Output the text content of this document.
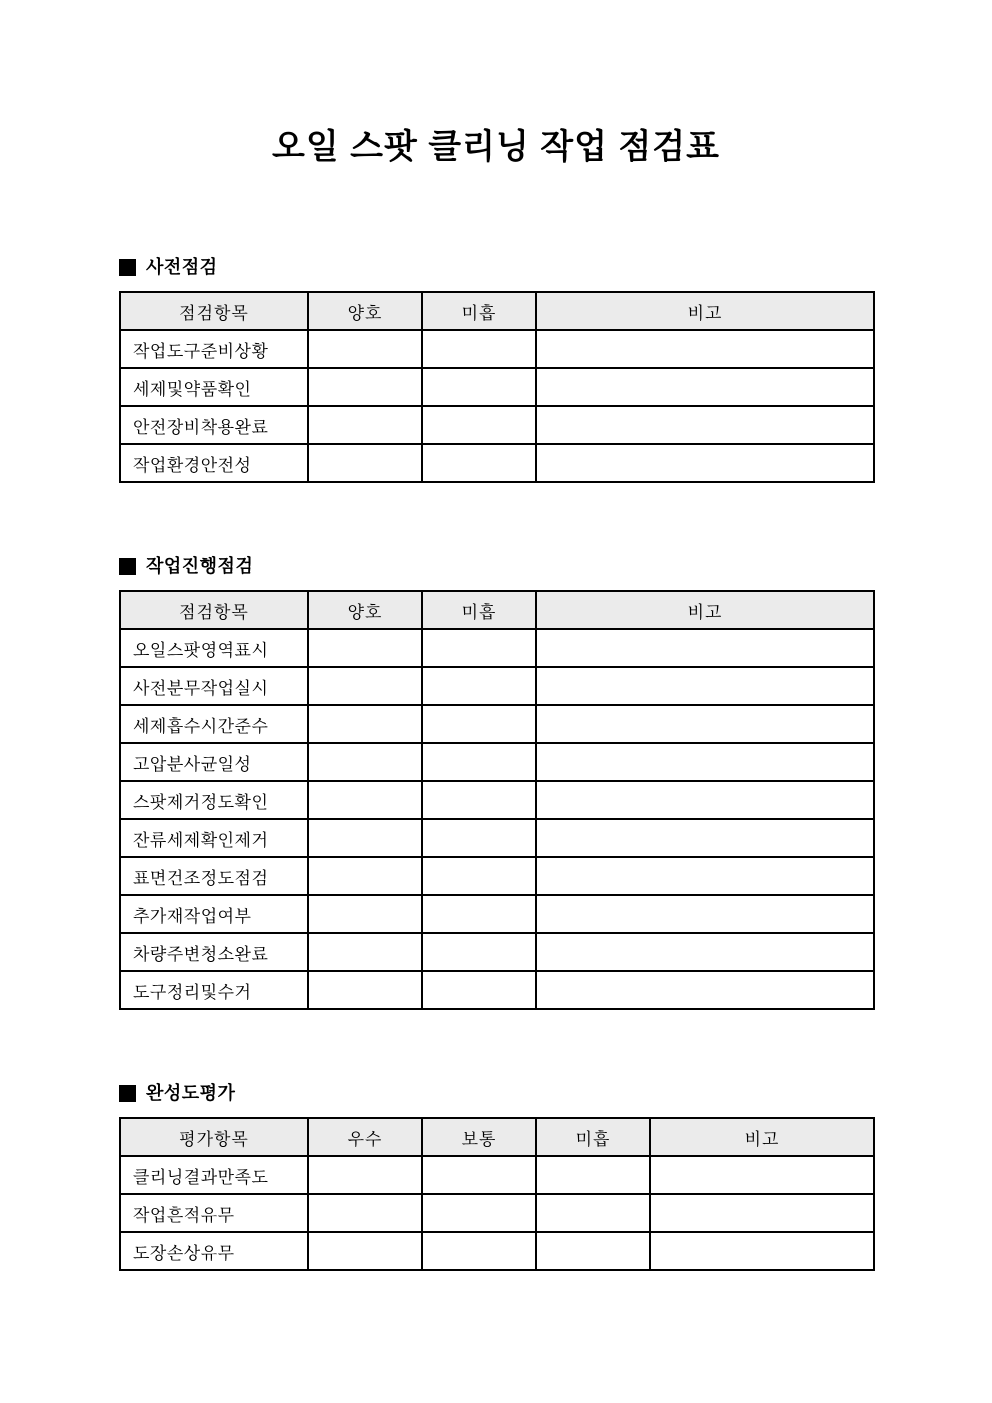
오일 스팟 클리닝 작업 점검표
사전점검
점검항목	양호	미흡	비고
작업도구준비상황			
세제및약품확인			
안전장비착용완료			
작업환경안전성			
작업진행점검
점검항목	양호	미흡	비고
오일스팟영역표시			
사전분무작업실시			
세제흡수시간준수			
고압분사균일성			
스팟제거정도확인			
잔류세제확인제거			
표면건조정도점검			
추가재작업여부			
차량주변청소완료			
도구정리및수거			
완성도평가
평가항목	우수	보통	미흡	비고
클리닝결과만족도				
작업흔적유무				
도장손상유무				
